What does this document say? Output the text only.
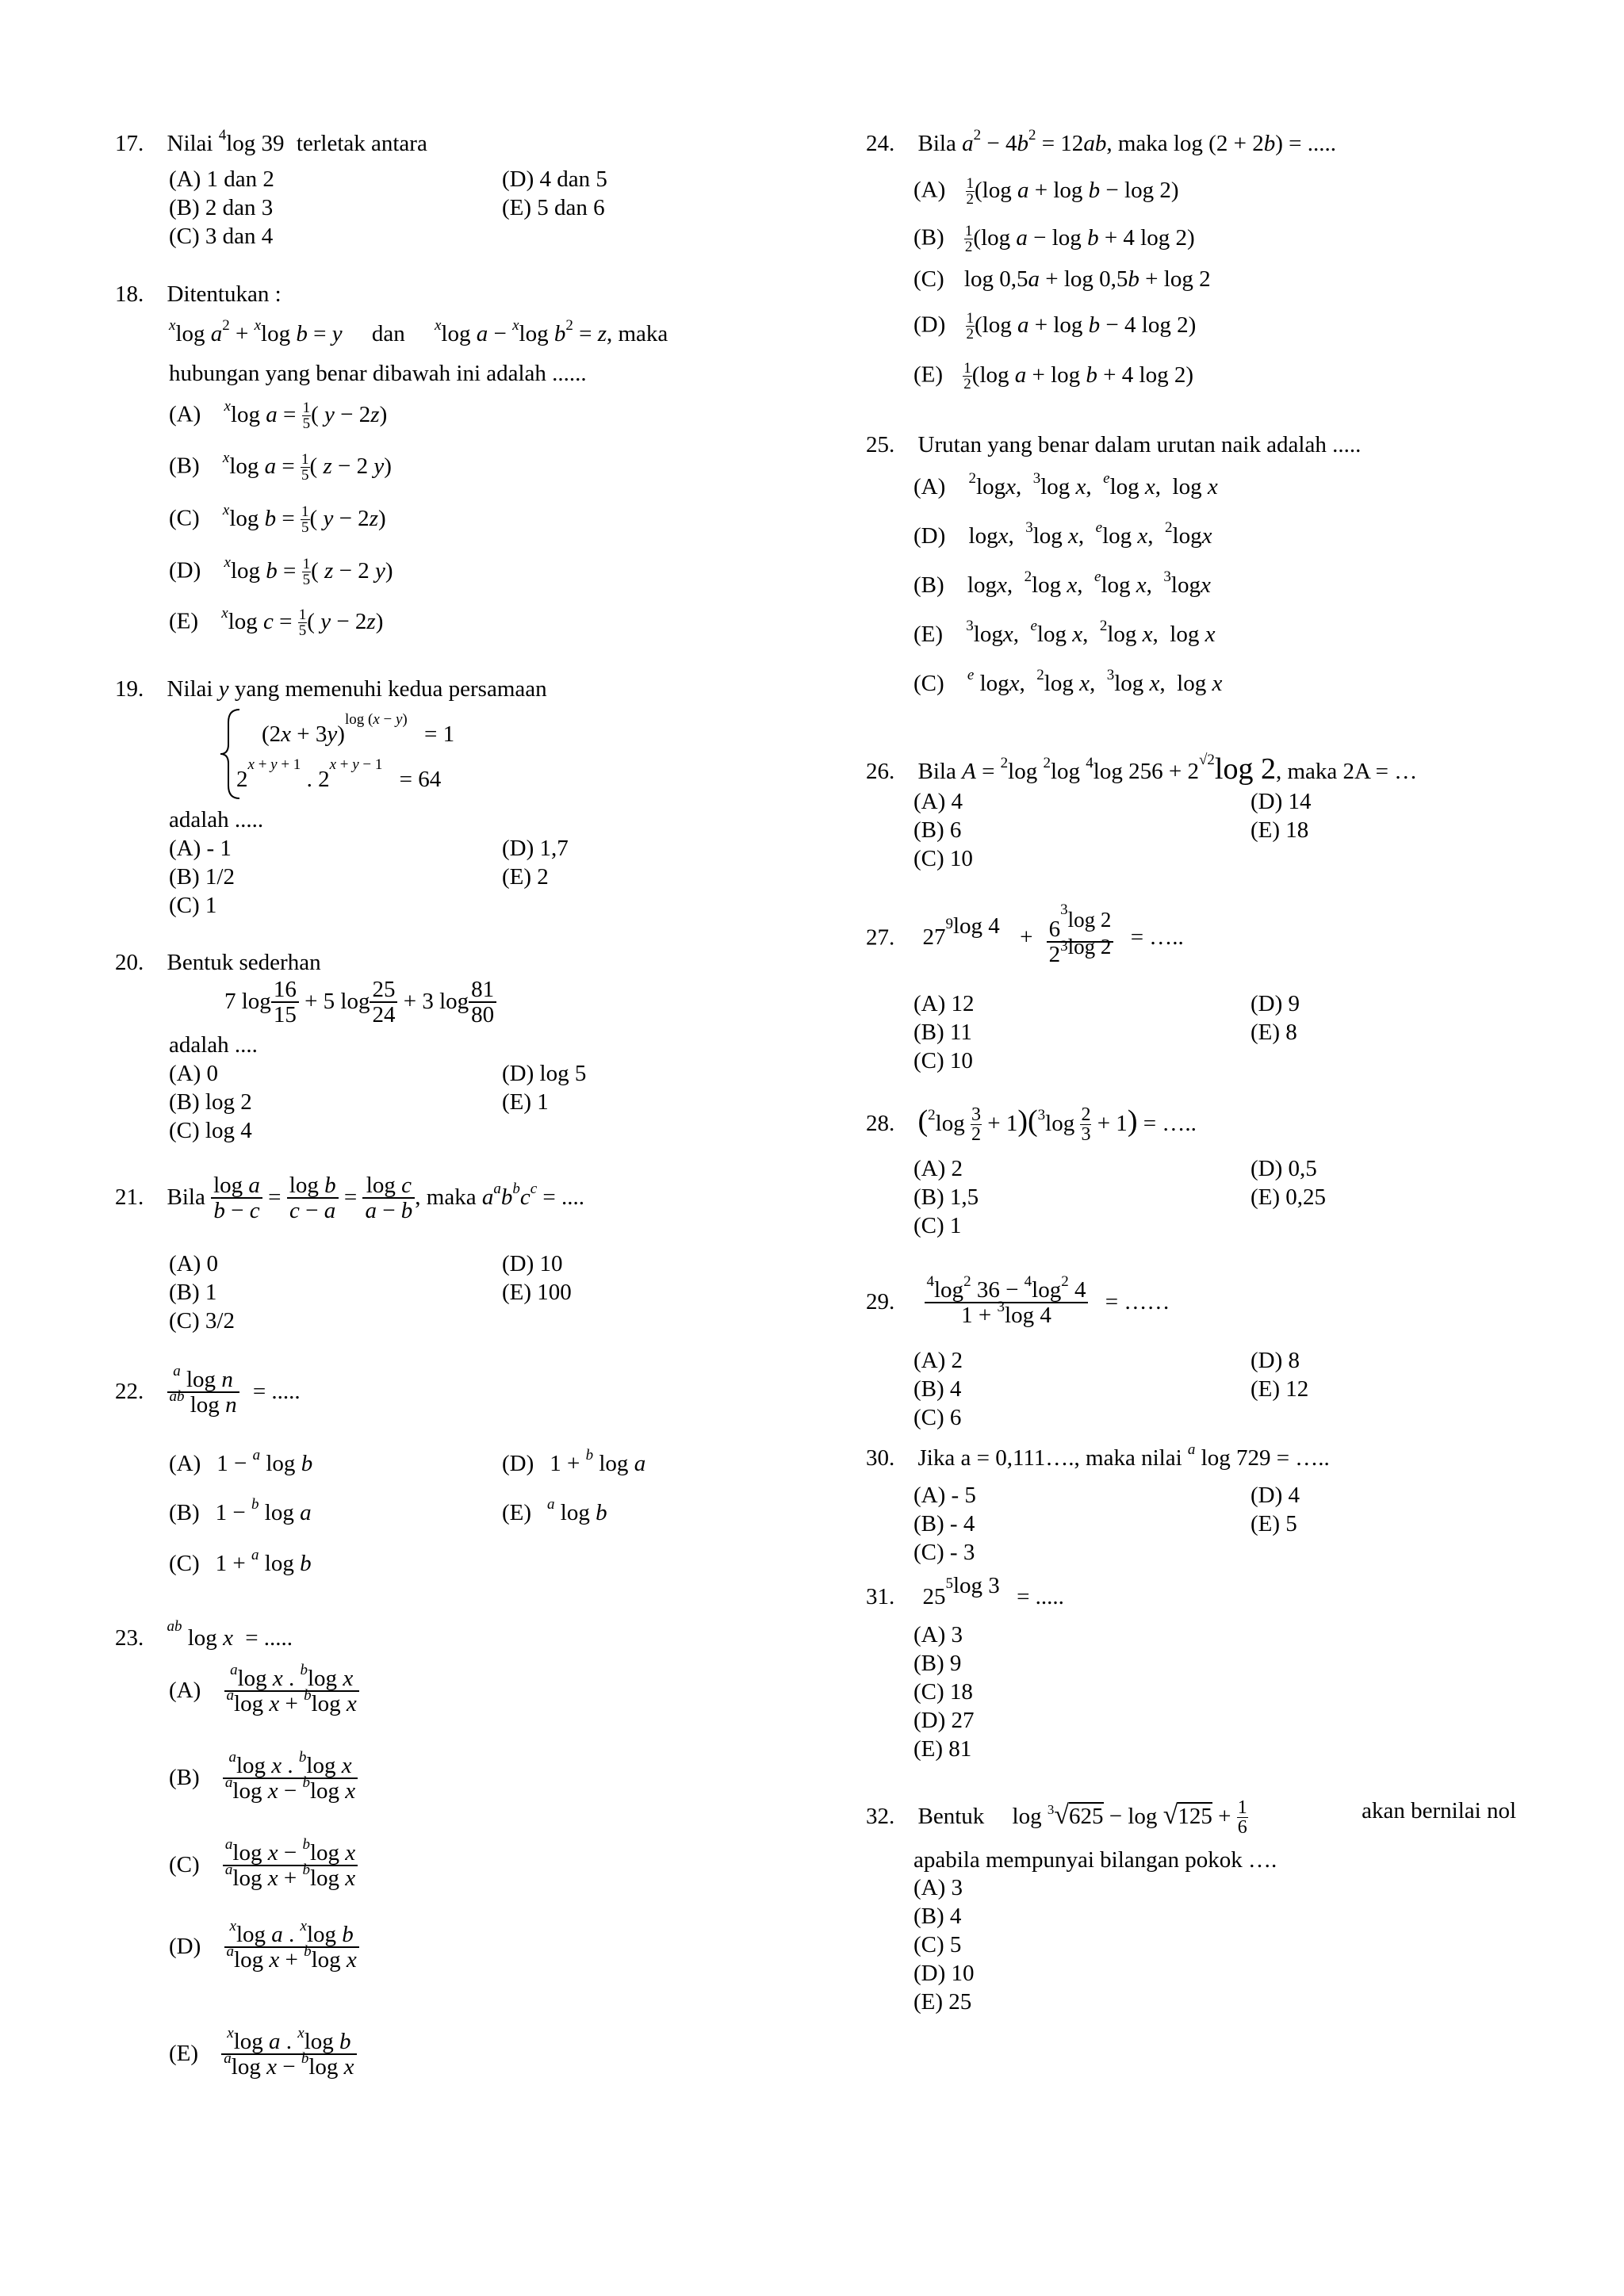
17. Nilai $^4$log 39 terletak antara
(A) 1 dan 2
(B) 2 dan 3
(C) 3 dan 4
(D) 4 dan 5
(E) 5 dan 6
18. Ditentukan :
$^x$log $a^2 + ^x\log$ b = y dan $^x$log a − $^x$log $b^2 = z$, maka
hubungan yang benar dibawah ini adalah ......
(A) $^x$log $a = \frac{1}{5}$ ( y − 2z)
(B) $^x$log $a = \frac{1}{5}$ ( z − 2 y)
(C) $^x$log $b = \frac{1}{5}$ ( y − 2z)
(D) $^x$log $b = \frac{1}{5}$ ( z − 2 y)
(E) $^x$log $c = \frac{1}{5}$ ( y − 2z)
19. Nilai y yang memenuhi kedua persamaan
$(2x + 3y)^{log (x - y)} = 1$
$2^{x + y + 1}$ . $2^{x + y - 1} = 64$
adalah .....
(A) - 1
(B) 1/2
(C) 1
(D) 1,7
(E) 2
20. Bentuk sederhan
7 $\log \frac{16}{15} + 5$ $\log \frac{25}{24} + 3$ $\log \frac{81}{80}$
adalah ....
(A) 0
(B) log 2
(C) log 4
(D) log 5
(E) 1
21. Bila $\frac{\text{log a}}{b - c} = \frac{\text{log b}}{c - a} = \frac{\text{log c}}{a - b}$ , maka $a^ab^bc^c$ = ....
(A) 0
(B) 1
(C) 3/2
(D) 10
(E) 100
22. $\frac{^a \log n}{^{ab} \log n}$ = .....
(A) 1 − $^a$ log b
(B) 1 − $^b$ log a
(C) 1 + $^a$ log b
(D) 1 + $^b$ log a
(E) $^a$ log b
23. $^{ab}$ log x = .....
$(A) \frac{^a\log x . ^b\log x}{^a\log x + ^b\log x}$
$(B) \frac{^a\log x . ^b\log x}{^a\log x - ^b\log x}$
$(C) \frac{^a\log x - ^b\log x}{^a\log x + ^b\log x}$
$(D) \frac{^x\log a . ^x\log b}{^a\log x + ^b\log x}$
$(E) \frac{^x\log a . ^x\log b}{^a\log x - ^b\log x}$
24. Bila $a^2 - 4b^2 = 12ab$, maka log (2 + 2b) = .....
$(A) \frac{1}{2} (\log$ a + log b − log 2)
$(B) \frac{1}{2} (\log$ a − log b + 4 log 2)
(C) log 0,5a + log 0,5b + log 2
$(D) \frac{1}{2} (\log$ a + log b − 4 log 2)
$(E) \frac{1}{2} (\log$ a + log b + 4 log 2)
25. Urutan yang benar dalam urutan naik adalah .....
(A) $^2$logx,  $^3$log x,  $^e$log x,  log x
(D) logx,  $^3$log x,  $^e$log x,  $^2$logx
(B) logx,  $^2$log x,  $^e$log x,  $^3$logx
(E) $^3$logx,  $^e$log x,  $^2$log x,  log x
(C) $^e$ logx,  $^2$log x,  $^3$log x,  log x
26. Bila A = $^2$log $^2$log $^4$log $256 + 2^{√2}\log$ 2, maka 2A = …
(A) 4
(B) 6
(C) 10
(D) 14
(E) 18
27. $27^9\log$ $4 + \frac{6^{^3}\log 2}{2^3\log 2}$ = …..
(A) 12
(B) 11
(C) 10
(D) 9
(E) 8
28. $(^2\log \frac{3}{2} + 1)(^3\log \frac{2}{3} + 1)$ = …..
(A) 2
(B) 1,5
(C) 1
(D) 0,5
(E) 0,25
29. $\frac{^4\log^2 36 - ^4\log^2 4}{1 + ^3\log 4}$ = ……
(A) 2
(B) 4
(C) 6
(D) 8
(E) 12
30. Jika a = 0,111…., maka nilai $^a$ log 729 = …..
(A) - 5
(B) - 4
(C) - 3
(D) 4
(E) 5
31. $25^5\log$ 3 = .....
(A) 3
(B) 9
(C) 18
(D) 27
(E) 81
32. Bentuk $\log ^3√625 - \log √125 + \frac{1}{6}$	akan bernilai nol
apabila mempunyai bilangan pokok ….
(A) 3
(B) 4
(C) 5
(D) 10
(E) 25
